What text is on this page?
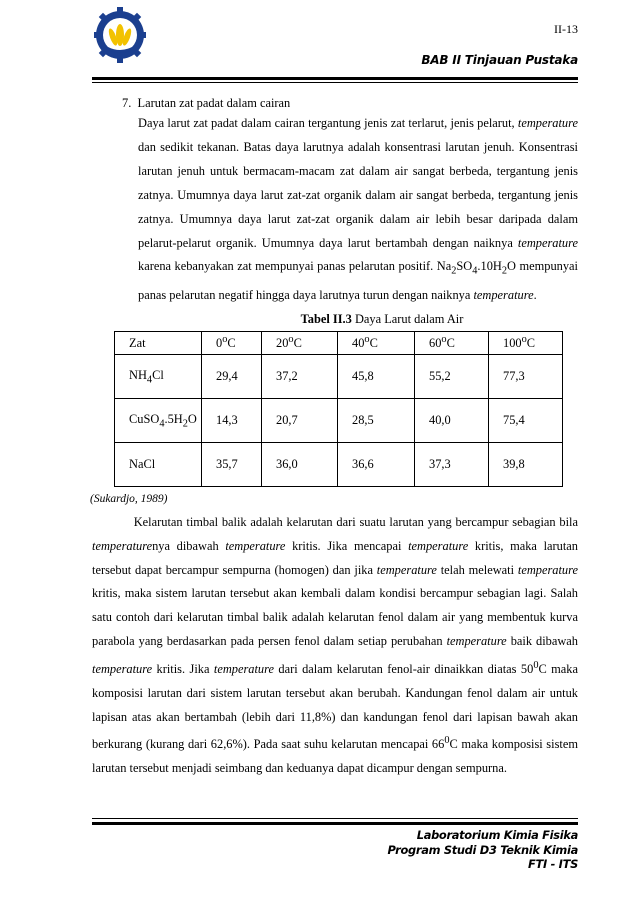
II-13
BAB II Tinjauan Pustaka
7. Larutan zat padat dalam cairan
Daya larut zat padat dalam cairan tergantung jenis zat terlarut, jenis pelarut, temperature dan sedikit tekanan. Batas daya larutnya adalah konsentrasi larutan jenuh. Konsentrasi larutan jenuh untuk bermacam-macam zat dalam air sangat berbeda, tergantung jenis zatnya. Umumnya daya larut zat-zat organik dalam air sangat berbeda, tergantung jenis zatnya. Umumnya daya larut zat-zat organik dalam air lebih besar daripada dalam pelarut-pelarut organik. Umumnya daya larut bertambah dengan naiknya temperature karena kebanyakan zat mempunyai panas pelarutan positif. $Na_2SO_4.10H_2O$ mempunyai panas pelarutan negatif hingga daya larutnya turun dengan naiknya temperature.
Tabel II.3 Daya Larut dalam Air
Zat	0$^o$C	20$^o$C	40$^o$C	60$^o$C	100$^o$C
$NH_4Cl$	29,4	37,2	45,8	55,2	77,3
$CuSO_4.5H_2O$	14,3	20,7	28,5	40,0	75,4
NaCl	35,7	36,0	36,6	37,3	39,8
(Sukardjo, 1989)
Kelarutan timbal balik adalah kelarutan dari suatu larutan yang bercampur sebagian bila temperaturenya dibawah temperature kritis. Jika mencapai temperature kritis, maka larutan tersebut dapat bercampur sempurna (homogen) dan jika temperature telah melewati temperature kritis, maka sistem larutan tersebut akan kembali dalam kondisi bercampur sebagian lagi. Salah satu contoh dari kelarutan timbal balik adalah kelarutan fenol dalam air yang membentuk kurva parabola yang berdasarkan pada persen fenol dalam setiap perubahan temperature baik dibawah temperature kritis. Jika temperature dari dalam kelarutan fenol-air dinaikkan diatas $50^0C$ maka komposisi larutan dari sistem larutan tersebut akan berubah. Kandungan fenol dalam air untuk lapisan atas akan bertambah (lebih dari 11,8%) dan kandungan fenol dari lapisan bawah akan berkurang (kurang dari 62,6%). Pada saat suhu kelarutan mencapai $66^0C$ maka komposisi sistem larutan tersebut menjadi seimbang dan keduanya dapat dicampur dengan sempurna.
Laboratorium Kimia Fisika
Program Studi D3 Teknik Kimia
FTI - ITS
